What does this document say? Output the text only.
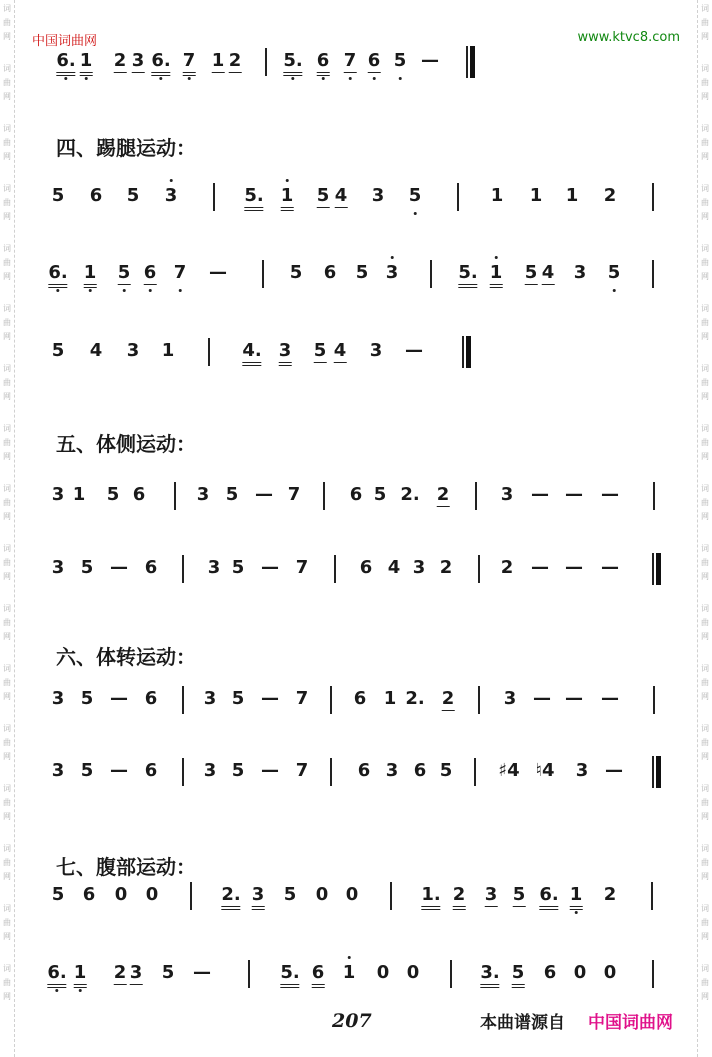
词
曲
网
词
曲
网
词
曲
网
词
曲
网
词
曲
网
词
曲
网
词
曲
网
词
曲
网
词
曲
网
词
曲
网
词
曲
网
词
曲
网
词
曲
网
词
曲
网
词
曲
网
词
曲
网
词
曲
网
词
曲
网
词
曲
网
词
曲
网
词
曲
网
词
曲
网
词
曲
网
词
曲
网
词
曲
网
词
曲
网
词
曲
网
词
曲
网
词
曲
网
词
曲
网
词
曲
网
词
曲
网
词
曲
网
词
曲
网
中国词曲网	www.ktvc8.com
四、踢腿运动：
五、体侧运动：
六、体转运动：
七、腹部运动：
6. 1 2 3 6. 7 1 2 5. 6 7 6 5 —
5 6 5 3	5. 1 5 4 3 5	1 1 1 2
6. 1 5 6 7 —	5 6 5 3	5. 1 5 4 3 5
5 4 3 1	4. 3 5 4 3 —
3 1 5 6	3 5 — 7	6 5 2. 2	3 — — —
3 5 — 6	3 5 — 7	6 4 3 2	2 — — —
3 5 — 6	3 5 — 7	6 1 2. 2	3 — — —
3 5 — 6	3 5 — 7	6 3 6 5	♯4 ♮4 3 —
5 6 0 0	2. 3 5 0 0	1. 2 3 5 6. 1 2
6. 1 2 3 5 —	5. 6 1 0 0	3. 5 6 0 0
207	本曲谱源自 中国词曲网
